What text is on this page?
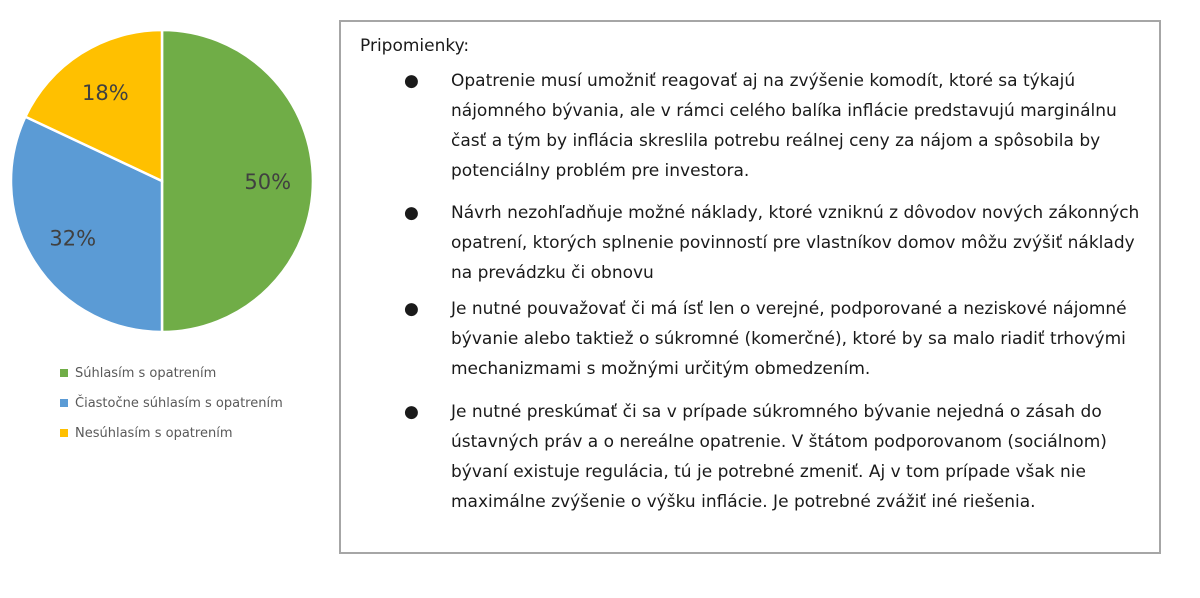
50%
32%
18%
Súhlasím s opatrením
Čiastočne súhlasím s opatrením
Nesúhlasím s opatrením
Pripomienky:
● Opatrenie musí umožniť reagovať aj na zvýšenie komodít, ktoré sa týkajú nájomného bývania, ale v rámci celého balíka inflácie predstavujú marginálnu časť a tým by inflácia skreslila potrebu reálnej ceny za nájom a spôsobila by potenciálny problém pre investora.
● Návrh nezohľadňuje možné náklady, ktoré vzniknú z dôvodov nových zákonných opatrení, ktorých splnenie povinností pre vlastníkov domov môžu zvýšiť náklady na prevádzku či obnovu
● Je nutné pouvažovať či má ísť len o verejné, podporované a neziskové nájomné bývanie alebo taktiež o súkromné (komerčné), ktoré by sa malo riadiť trhovými mechanizmami s možnými určitým obmedzením.
● Je nutné preskúmať či sa v prípade súkromného bývanie nejedná o zásah do ústavných práv a o nereálne opatrenie. V štátom podporovanom (sociálnom) bývaní existuje regulácia, tú je potrebné zmeniť. Aj v tom prípade však nie maximálne zvýšenie o výšku inflácie. Je potrebné zvážiť iné riešenia.
